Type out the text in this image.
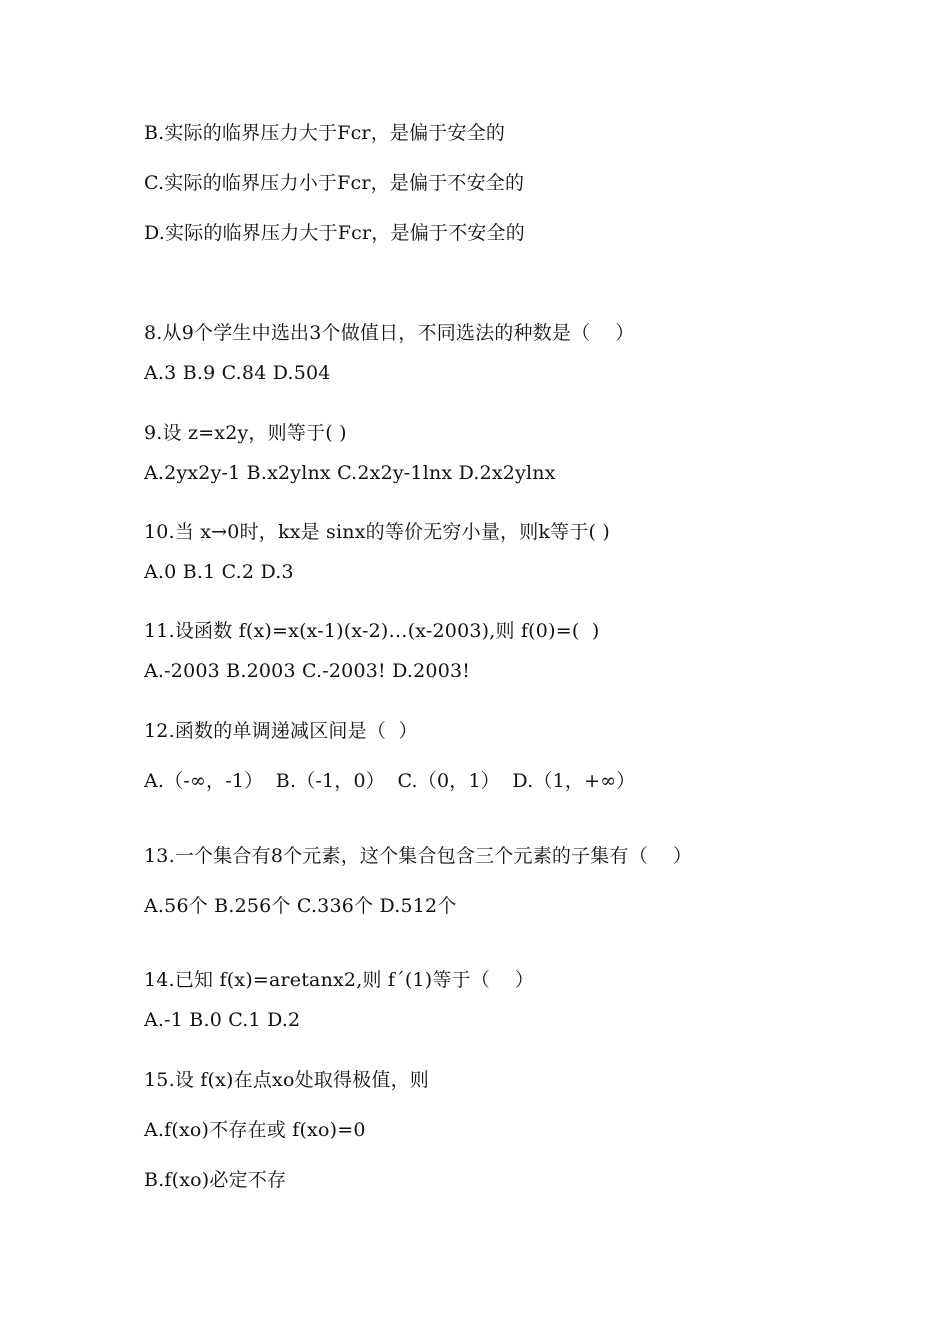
B.实际的临界压力大于Fcr，是偏于安全的
C.实际的临界压力小于Fcr，是偏于不安全的
D.实际的临界压力大于Fcr，是偏于不安全的
8.从9个学生中选出3个做值日，不同选法的种数是（    ）
A.3 B.9 C.84 D.504
9.设 z=x2y，则等于( )
A.2yx2y-1 B.x2ylnx C.2x2y-1lnx D.2x2ylnx
10.当 x→0时，kx是 sinx的等价无穷小量，则k等于( )
A.0 B.1 C.2 D.3
11.设函数 f(x)=x(x-1)(x-2)…(x-2003),则 f(0)=(  )
A.-2003 B.2003 C.-2003! D.2003!
12.函数的单调递减区间是（  ）
A.（-∞，-1）  B.（-1，0）  C.（0，1）  D.（1，+∞）
13.一个集合有8个元素，这个集合包含三个元素的子集有（    ）
A.56个 B.256个 C.336个 D.512个
14.已知 f(x)=aretanx2,则 f´(1)等于（    ）
A.-1 B.0 C.1 D.2
15.设 f(x)在点xo处取得极值，则
A.f(xo)不存在或 f(xo)=0
B.f(xo)必定不存
